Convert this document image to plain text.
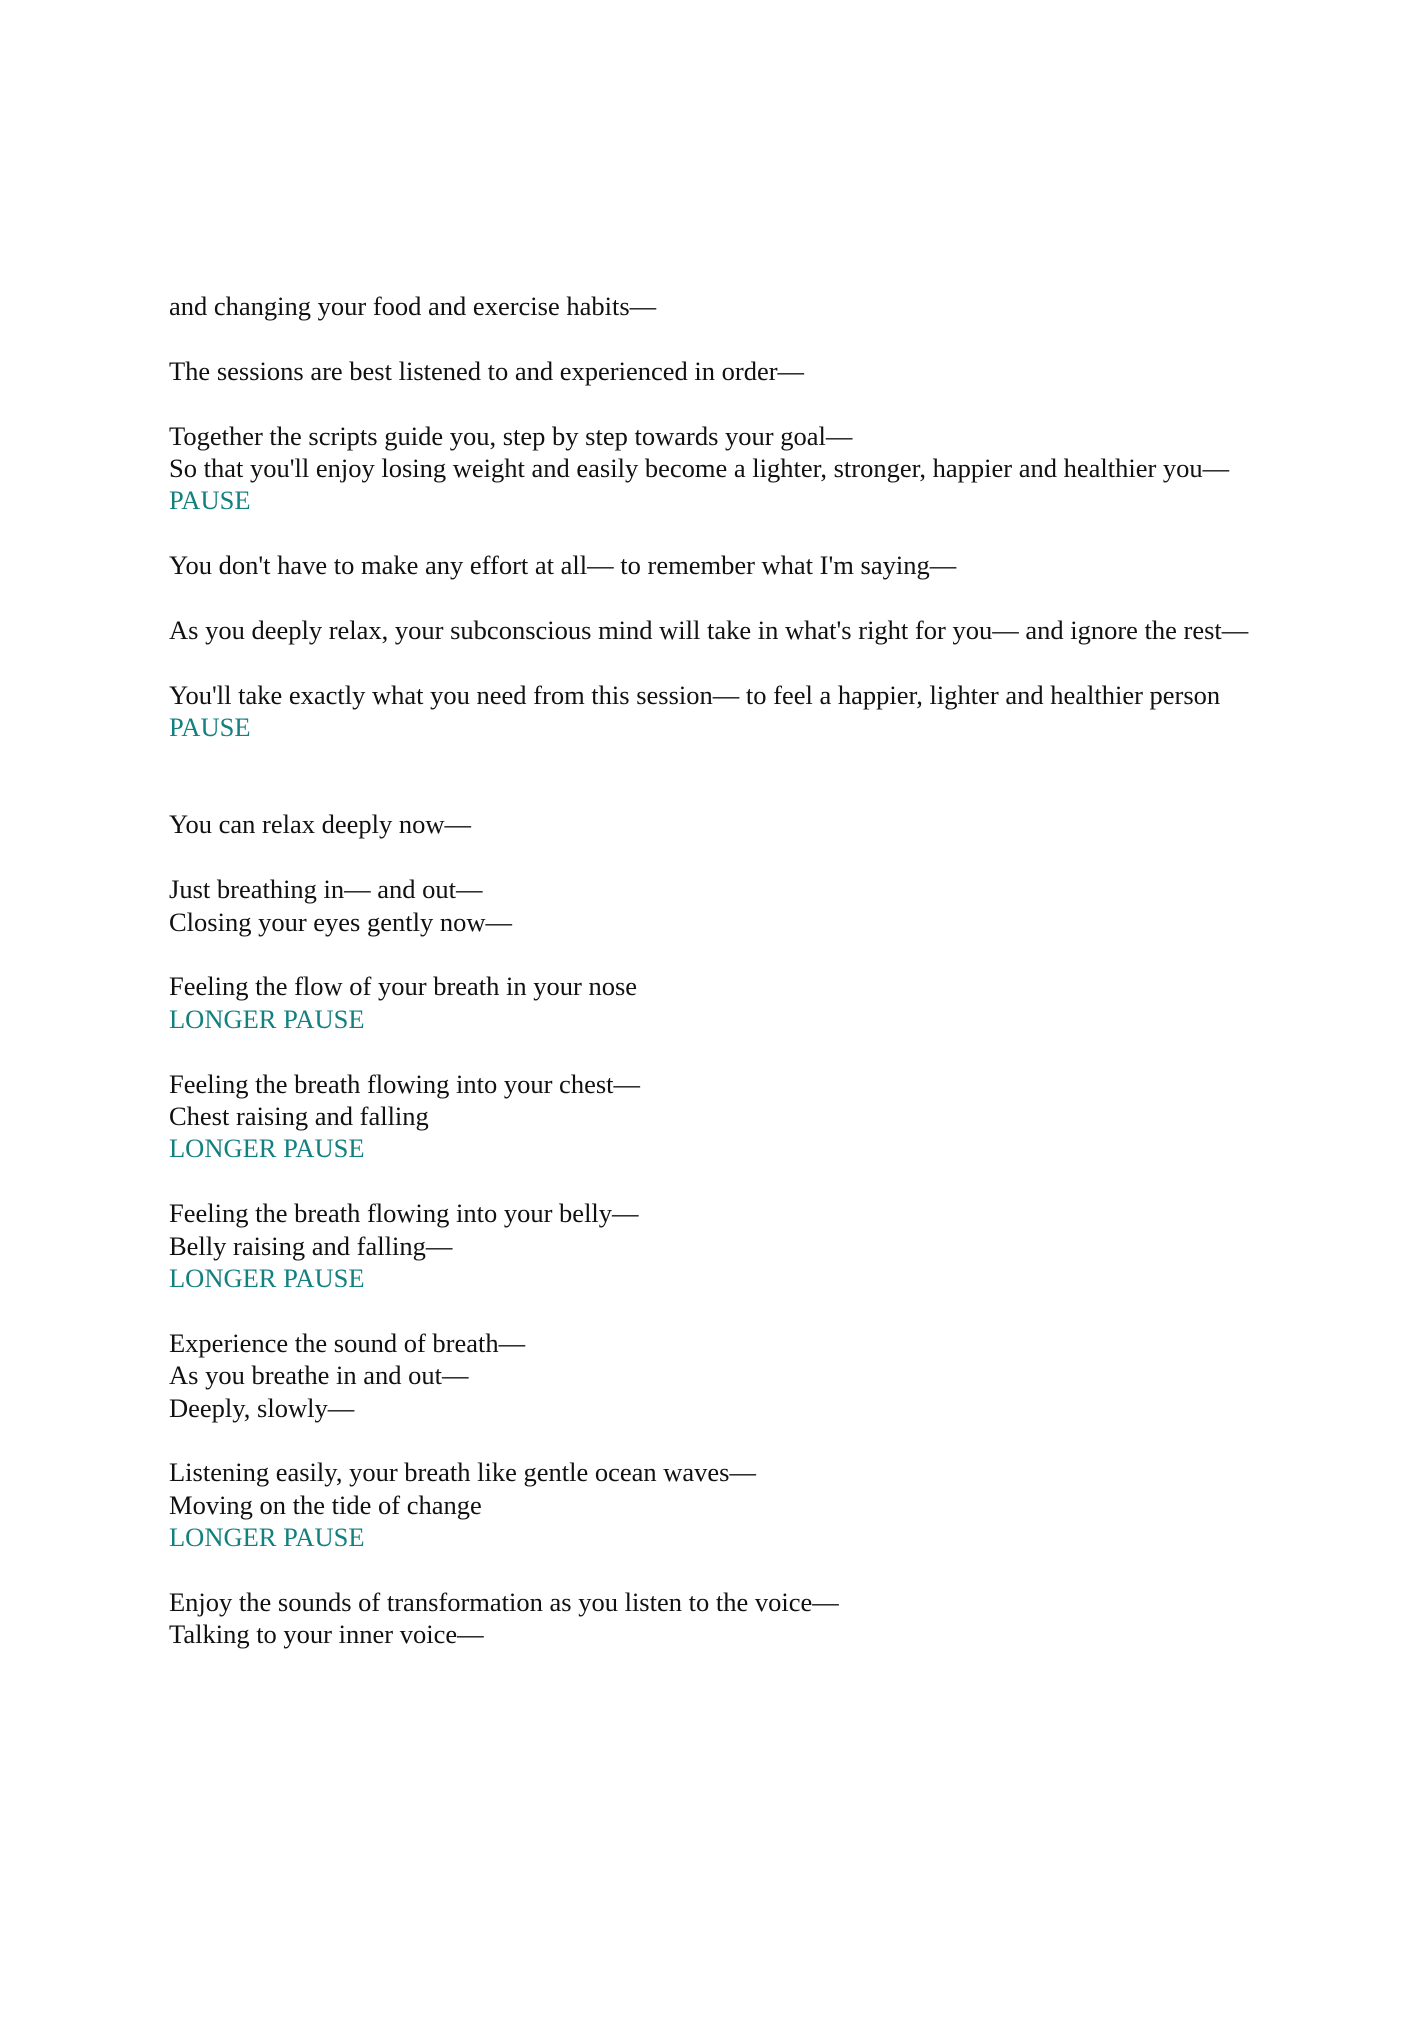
and changing your food and exercise habits—

The sessions are best listened to and experienced in order—

Together the scripts guide you, step by step towards your goal—
So that you'll enjoy losing weight and easily become a lighter, stronger, happier and healthier you—
PAUSE

You don't have to make any effort at all— to remember what I'm saying—

As you deeply relax, your subconscious mind will take in what's right for you— and ignore the rest—

You'll take exactly what you need from this session— to feel a happier, lighter and healthier person
PAUSE

You can relax deeply now—

Just breathing in— and out—
Closing your eyes gently now—

Feeling the flow of your breath in your nose
LONGER PAUSE

Feeling the breath flowing into your chest—
Chest raising and falling
LONGER PAUSE

Feeling the breath flowing into your belly—
Belly raising and falling—
LONGER PAUSE

Experience the sound of breath—
As you breathe in and out—
Deeply, slowly—

Listening easily, your breath like gentle ocean waves—
Moving on the tide of change
LONGER PAUSE

Enjoy the sounds of transformation as you listen to the voice—
Talking to your inner voice—
